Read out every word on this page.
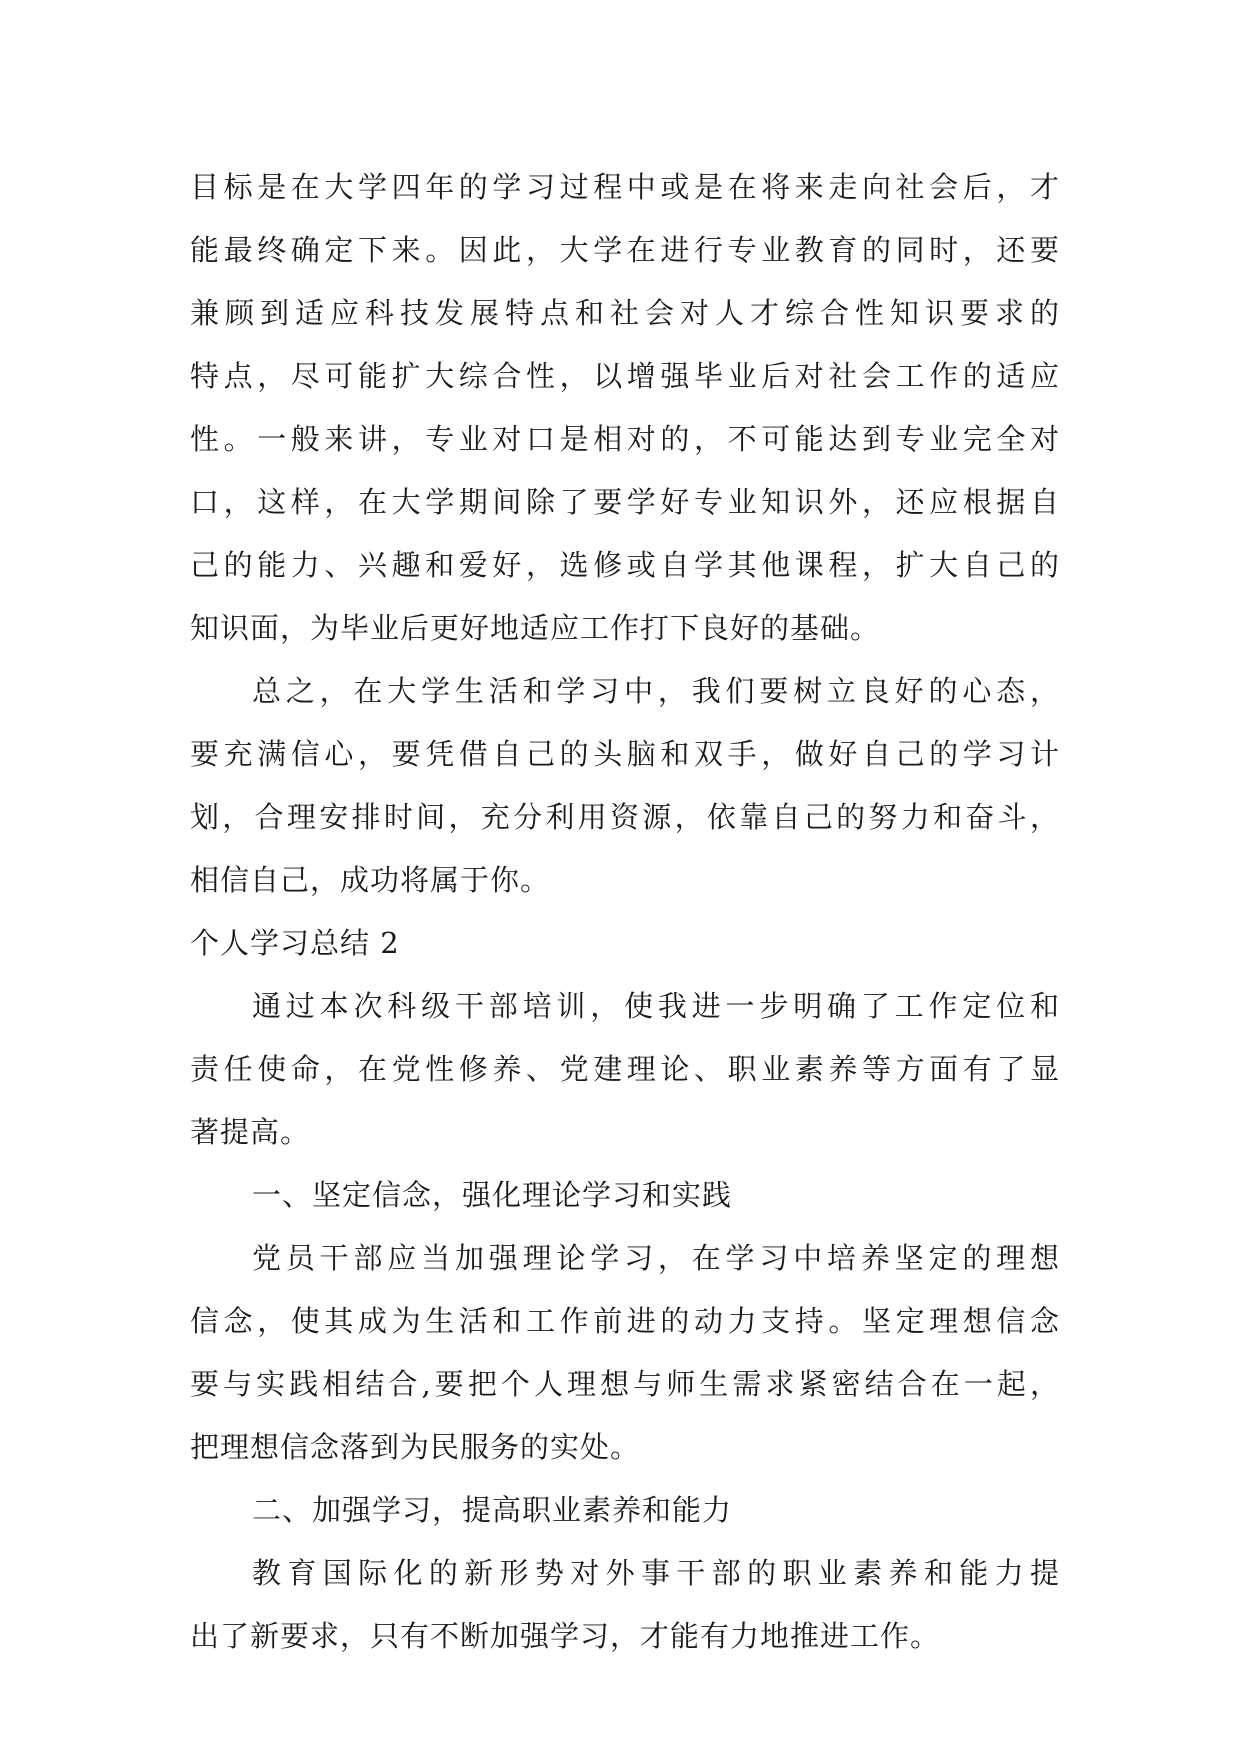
目标是在大学四年的学习过程中或是在将来走向社会后，才
能最终确定下来。因此，大学在进行专业教育的同时，还要
兼顾到适应科技发展特点和社会对人才综合性知识要求的
特点，尽可能扩大综合性，以增强毕业后对社会工作的适应
性。一般来讲，专业对口是相对的，不可能达到专业完全对
口，这样，在大学期间除了要学好专业知识外，还应根据自
己的能力、兴趣和爱好，选修或自学其他课程，扩大自己的
知识面，为毕业后更好地适应工作打下良好的基础。
总之，在大学生活和学习中，我们要树立良好的心态，
要充满信心，要凭借自己的头脑和双手，做好自己的学习计
划，合理安排时间，充分利用资源，依靠自己的努力和奋斗，
相信自己，成功将属于你。
个人学习总结 2
通过本次科级干部培训，使我进一步明确了工作定位和
责任使命，在党性修养、党建理论、职业素养等方面有了显
著提高。
一、坚定信念，强化理论学习和实践
党员干部应当加强理论学习，在学习中培养坚定的理想
信念，使其成为生活和工作前进的动力支持。坚定理想信念
要与实践相结合,要把个人理想与师生需求紧密结合在一起，
把理想信念落到为民服务的实处。
二、加强学习，提高职业素养和能力
教育国际化的新形势对外事干部的职业素养和能力提
出了新要求，只有不断加强学习，才能有力地推进工作。
